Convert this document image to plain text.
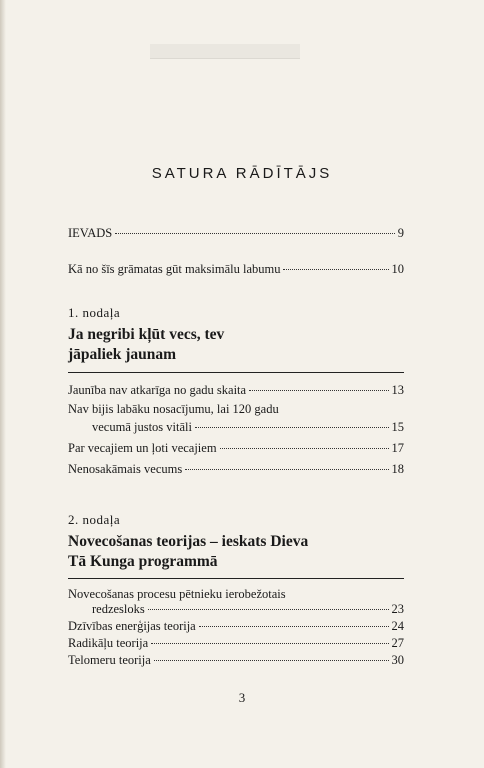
SATURA RĀDĪTĀJS
IEVADS	9
Kā no šīs grāmatas gūt maksimālu labumu	10
1. nodaļa
Ja negribi kļūt vecs, tev
jāpaliek jaunam
Jaunība nav atkarīga no gadu skaita	13
Nav bijis labāku nosacījumu, lai 120 gadu
vecumā justos vitāli	15
Par vecajiem un ļoti vecajiem	17
Nenosakāmais vecums	18
2. nodaļa
Novecošanas teorijas – ieskats Dieva
Tā Kunga programmā
Novecošanas procesu pētnieku ierobežotais
redzesloks	23
Dzīvības enerģijas teorija	24
Radikāļu teorija	27
Telomeru teorija	30
3
